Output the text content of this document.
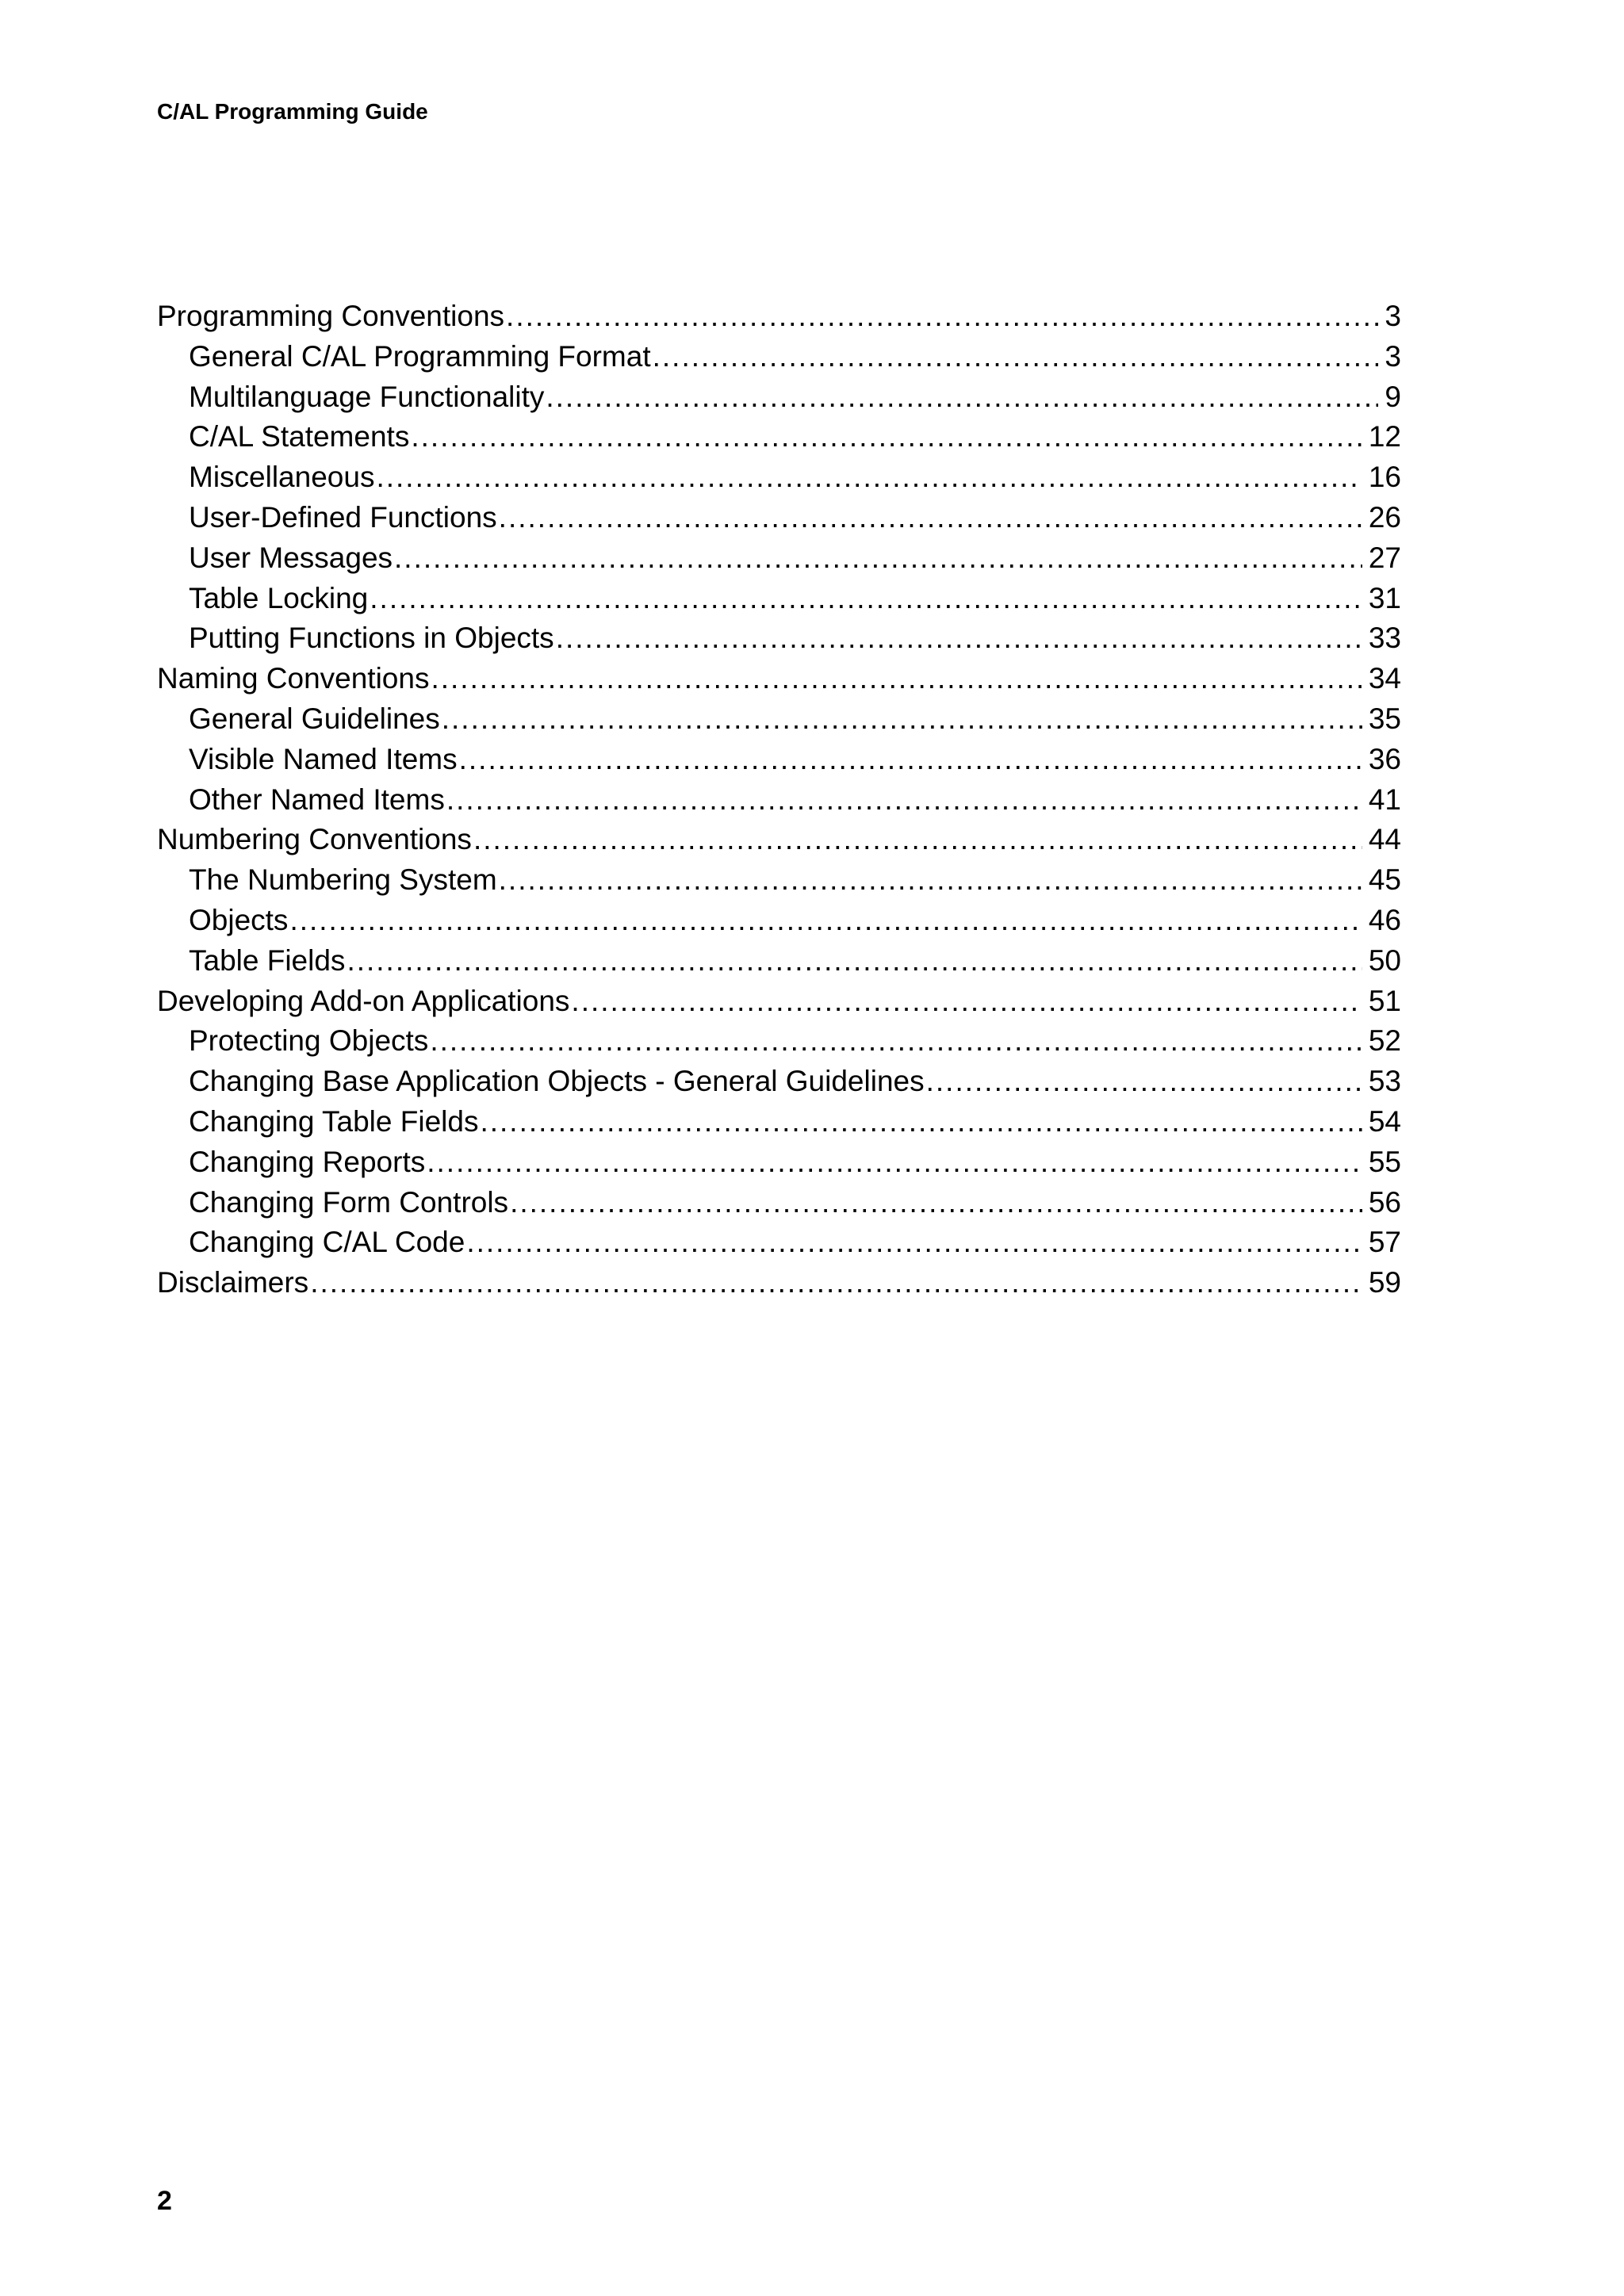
C/AL Programming Guide
Programming Conventions .....	3
General C/AL Programming Format .....	3
Multilanguage Functionality .....	9
C/AL Statements .....	12
Miscellaneous .....	16
User-Defined Functions .....	26
User Messages .....	27
Table Locking .....	31
Putting Functions in Objects .....	33
Naming Conventions .....	34
General Guidelines .....	35
Visible Named Items .....	36
Other Named Items .....	41
Numbering Conventions .....	44
The Numbering System .....	45
Objects .....	46
Table Fields .....	50
Developing Add-on Applications .....	51
Protecting Objects .....	52
Changing Base Application Objects - General Guidelines .....	53
Changing Table Fields .....	54
Changing Reports .....	55
Changing Form Controls .....	56
Changing C/AL Code .....	57
Disclaimers .....	59
2
